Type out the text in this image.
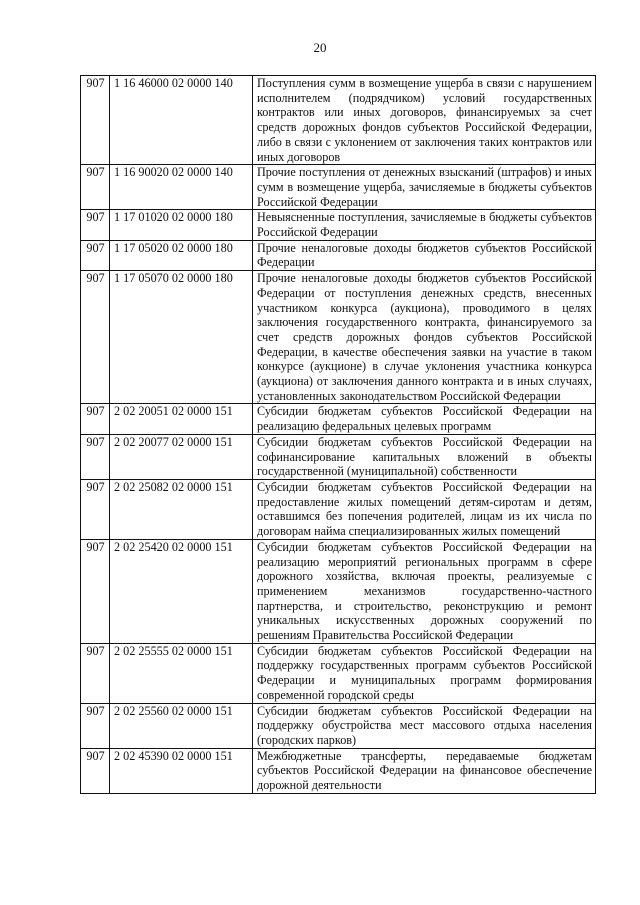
20
907	1 16 46000 02 0000 140	Поступления сумм в возмещение ущерба в связи с нарушением исполнителем (подрядчиком) условий государственных контрактов или иных договоров, финансируемых за счет средств дорожных фондов субъектов Российской Федерации, либо в связи с уклонением от заключения таких контрактов или иных договоров
907	1 16 90020 02 0000 140	Прочие поступления от денежных взысканий (штрафов) и иных сумм в возмещение ущерба, зачисляемые в бюджеты субъектов Российской Федерации
907	1 17 01020 02 0000 180	Невыясненные поступления, зачисляемые в бюджеты субъектов Российской Федерации
907	1 17 05020 02 0000 180	Прочие неналоговые доходы бюджетов субъектов Российской Федерации
907	1 17 05070 02 0000 180	Прочие неналоговые доходы бюджетов субъектов Российской Федерации от поступления денежных средств, внесенных участником конкурса (аукциона), проводимого в целях заключения государственного контракта, финансируемого за счет средств дорожных фондов субъектов Российской Федерации, в качестве обеспечения заявки на участие в таком конкурсе (аукционе) в случае уклонения участника конкурса (аукциона) от заключения данного контракта и в иных случаях, установленных законодательством Российской Федерации
907	2 02 20051 02 0000 151	Субсидии бюджетам субъектов Российской Федерации на реализацию федеральных целевых программ
907	2 02 20077 02 0000 151	Субсидии бюджетам субъектов Российской Федерации на софинансирование капитальных вложений в объекты государственной (муниципальной) собственности
907	2 02 25082 02 0000 151	Субсидии бюджетам субъектов Российской Федерации на предоставление жилых помещений детям-сиротам и детям, оставшимся без попечения родителей, лицам из их числа по договорам найма специализированных жилых помещений
907	2 02 25420 02 0000 151	Субсидии бюджетам субъектов Российской Федерации на реализацию мероприятий региональных программ в сфере дорожного хозяйства, включая проекты, реализуемые с применением механизмов государственно-частного партнерства, и строительство, реконструкцию и ремонт уникальных искусственных дорожных сооружений по решениям Правительства Российской Федерации
907	2 02 25555 02 0000 151	Субсидии бюджетам субъектов Российской Федерации на поддержку государственных программ субъектов Российской Федерации и муниципальных программ формирования современной городской среды
907	2 02 25560 02 0000 151	Субсидии бюджетам субъектов Российской Федерации на поддержку обустройства мест массового отдыха населения (городских парков)
907	2 02 45390 02 0000 151	Межбюджетные трансферты, передаваемые бюджетам субъектов Российской Федерации на финансовое обеспечение дорожной деятельности
